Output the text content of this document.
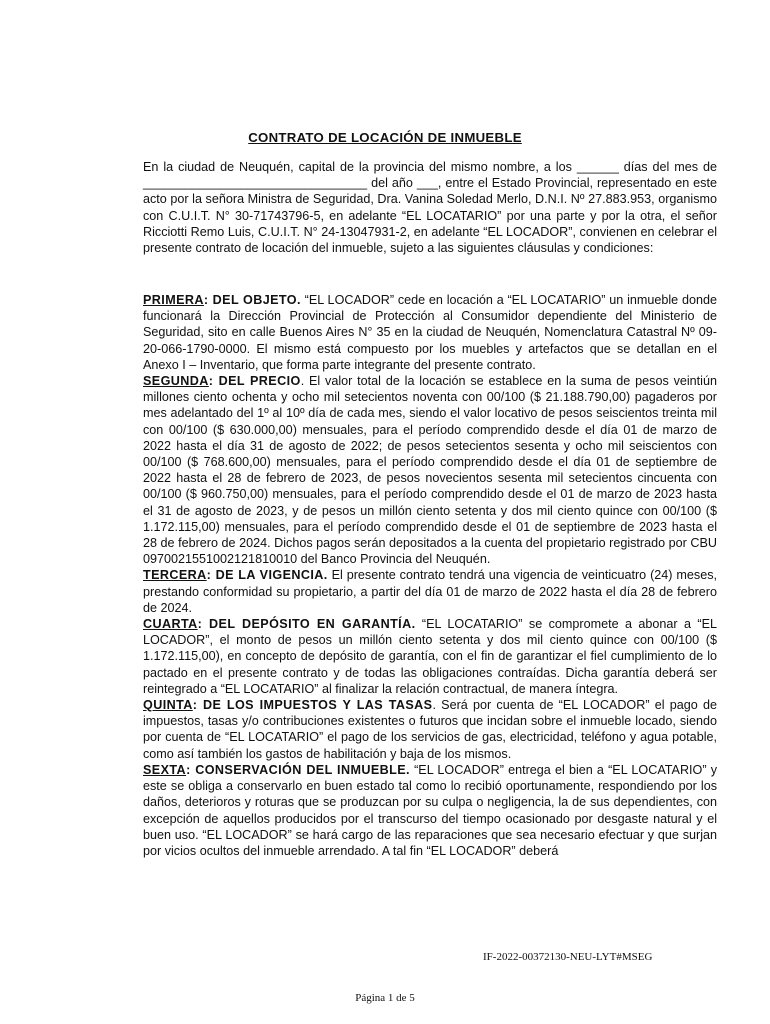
CONTRATO DE LOCACIÓN DE INMUEBLE

En la ciudad de Neuquén, capital de la provincia del mismo nombre, a los ______ días del mes de ________________________________ del año ___, entre el Estado Provincial, representado en este acto por la señora Ministra de Seguridad, Dra. Vanina Soledad Merlo, D.N.I. Nº 27.883.953, organismo con C.U.I.T. N° 30-71743796-5, en adelante “EL LOCATARIO” por una parte y por la otra, el señor Ricciotti Remo Luis, C.U.I.T. N° 24-13047931-2, en adelante “EL LOCADOR”, convienen en celebrar el presente contrato de locación del inmueble, sujeto a las siguientes cláusulas y condiciones:

PRIMERA: DEL OBJETO. “EL LOCADOR” cede en locación a “EL LOCATARIO” un inmueble donde funcionará la Dirección Provincial de Protección al Consumidor dependiente del Ministerio de Seguridad, sito en calle Buenos Aires N° 35 en la ciudad de Neuquén, Nomenclatura Catastral Nº 09-20-066-1790-0000. El mismo está compuesto por los muebles y artefactos que se detallan en el Anexo I – Inventario, que forma parte integrante del presente contrato.

SEGUNDA: DEL PRECIO. El valor total de la locación se establece en la suma de pesos veintiún millones ciento ochenta y ocho mil setecientos noventa con 00/100 ($ 21.188.790,00) pagaderos por mes adelantado del 1º al 10º día de cada mes, siendo el valor locativo de pesos seiscientos treinta mil con 00/100 ($ 630.000,00) mensuales, para el período comprendido desde el día 01 de marzo de 2022 hasta el día 31 de agosto de 2022; de pesos setecientos sesenta y ocho mil seiscientos con 00/100 ($ 768.600,00) mensuales, para el período comprendido desde el día 01 de septiembre de 2022 hasta el 28 de febrero de 2023, de pesos novecientos sesenta mil setecientos cincuenta con 00/100 ($ 960.750,00) mensuales, para el período comprendido desde el 01 de marzo de 2023 hasta el 31 de agosto de 2023, y de pesos un millón ciento setenta y dos mil ciento quince con 00/100 ($ 1.172.115,00) mensuales, para el período comprendido desde el 01 de septiembre de 2023 hasta el 28 de febrero de 2024. Dichos pagos serán depositados a la cuenta del propietario registrado por CBU 0970021551002121810010 del Banco Provincia del Neuquén.

TERCERA: DE LA VIGENCIA. El presente contrato tendrá una vigencia de veinticuatro (24) meses, prestando conformidad su propietario, a partir del día 01 de marzo de 2022 hasta el día 28 de febrero de 2024.

CUARTA: DEL DEPÓSITO EN GARANTÍA. “EL LOCATARIO” se compromete a abonar a “EL LOCADOR”, el monto de pesos un millón ciento setenta y dos mil ciento quince con 00/100 ($ 1.172.115,00), en concepto de depósito de garantía, con el fin de garantizar el fiel cumplimiento de lo pactado en el presente contrato y de todas las obligaciones contraídas. Dicha garantía deberá ser reintegrado a “EL LOCATARIO” al finalizar la relación contractual, de manera íntegra.

QUINTA: DE LOS IMPUESTOS Y LAS TASAS. Será por cuenta de “EL LOCADOR” el pago de impuestos, tasas y/o contribuciones existentes o futuros que incidan sobre el inmueble locado, siendo por cuenta de “EL LOCATARIO” el pago de los servicios de gas, electricidad, teléfono y agua potable, como así también los gastos de habilitación y baja de los mismos.

SEXTA: CONSERVACIÓN DEL INMUEBLE. “EL LOCADOR” entrega el bien a “EL LOCATARIO” y este se obliga a conservarlo en buen estado tal como lo recibió oportunamente, respondiendo por los daños, deterioros y roturas que se produzcan por su culpa o negligencia, la de sus dependientes, con excepción de aquellos producidos por el transcurso del tiempo ocasionado por desgaste natural y el buen uso. “EL LOCADOR” se hará cargo de las reparaciones que sea necesario efectuar y que surjan por vicios ocultos del inmueble arrendado. A tal fin “EL LOCADOR” deberá

IF-2022-00372130-NEU-LYT#MSEG
Página 1 de 5
